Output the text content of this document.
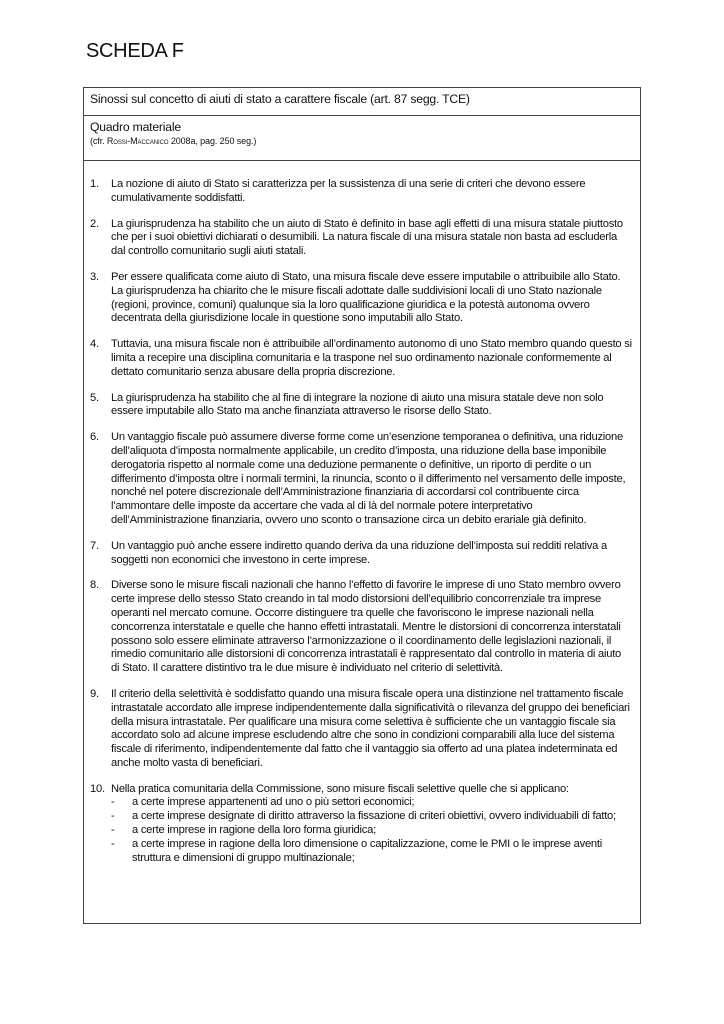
SCHEDA F
Sinossi sul concetto di aiuti di stato a carattere fiscale (art. 87 segg. TCE)
Quadro materiale
(cfr. Rossi-Maccanico 2008a, pag. 250 seg.)
1.	La nozione di aiuto di Stato si caratterizza per la sussistenza di una serie di criteri che devono essere cumulativamente soddisfatti.
2.	La giurisprudenza ha stabilito che un aiuto di Stato è definito in base agli effetti di una misura statale piuttosto che per i suoi obiettivi dichiarati o desumibili. La natura fiscale di una misura statale non basta ad escluderla dal controllo comunitario sugli aiuti statali.
3.	Per essere qualificata come aiuto di Stato, una misura fiscale deve essere imputabile o attribuibile allo Stato. La giurisprudenza ha chiarito che le misure fiscali adottate dalle suddivisioni locali di uno Stato nazionale (regioni, province, comuni) qualunque sia la loro qualificazione giuridica e la potestà autonoma ovvero decentrata della giurisdizione locale in questione sono imputabili allo Stato.
4.	Tuttavia, una misura fiscale non è attribuibile all’ordinamento autonomo di uno Stato membro quando questo si limita a recepire una disciplina comunitaria e la traspone nel suo ordinamento nazionale conformemente al dettato comunitario senza abusare della propria discrezione.
5.	La giurisprudenza ha stabilito che al fine di integrare la nozione di aiuto una misura statale deve non solo essere imputabile allo Stato ma anche finanziata attraverso le risorse dello Stato.
6.	Un vantaggio fiscale può assumere diverse forme come un’esenzione temporanea o definitiva, una riduzione dell’aliquota d’imposta normalmente applicabile, un credito d’imposta, una riduzione della base imponibile derogatoria rispetto al normale come una deduzione permanente o definitive, un riporto di perdite o un differimento d’imposta oltre i normali termini, la rinuncia, sconto o il differimento nel versamento delle imposte, nonché nel potere discrezionale dell’Amministrazione finanziaria di accordarsi col contribuente circa l’ammontare delle imposte da accertare che vada al di là del normale potere interpretativo dell’Amministrazione finanziaria, ovvero uno sconto o transazione circa un debito erariale già definito.
7.	Un vantaggio può anche essere indiretto quando deriva da una riduzione dell’imposta sui redditi relativa a soggetti non economici che investono in certe imprese.
8.	Diverse sono le misure fiscali nazionali che hanno l’effetto di favorire le imprese di uno Stato membro ovvero certe imprese dello stesso Stato creando in tal modo distorsioni dell’equilibrio concorrenziale tra imprese operanti nel mercato comune. Occorre distinguere tra quelle che favoriscono le imprese nazionali nella concorrenza interstatale e quelle che hanno effetti intrastatali. Mentre le distorsioni di concorrenza interstatali possono solo essere eliminate attraverso l’armonizzazione o il coordinamento delle legislazioni nazionali, il rimedio comunitario alle distorsioni di concorrenza intrastatali è rappresentato dal controllo in materia di aiuto di Stato. Il carattere distintivo tra le due misure è individuato nel criterio di selettività.
9.	Il criterio della selettività è soddisfatto quando una misura fiscale opera una distinzione nel trattamento fiscale intrastatale accordato alle imprese indipendentemente dalla significatività o rilevanza del gruppo dei beneficiari della misura intrastatale. Per qualificare una misura come selettiva è sufficiente che un vantaggio fiscale sia accordato solo ad alcune imprese escludendo altre che sono in condizioni comparabili alla luce del sistema fiscale di riferimento, indipendentemente dal fatto che il vantaggio sia offerto ad una platea indeterminata ed anche molto vasta di beneficiari.
10. Nella pratica comunitaria della Commissione, sono misure fiscali selettive quelle che si applicano:
-	a certe imprese appartenenti ad uno o più settori economici;
-	a certe imprese designate di diritto attraverso la fissazione di criteri obiettivi, ovvero individuabili di fatto;
-	a certe imprese in ragione della loro forma giuridica;
-	a certe imprese in ragione della loro dimensione o capitalizzazione, come le PMI o le imprese aventi struttura e dimensioni di gruppo multinazionale;
